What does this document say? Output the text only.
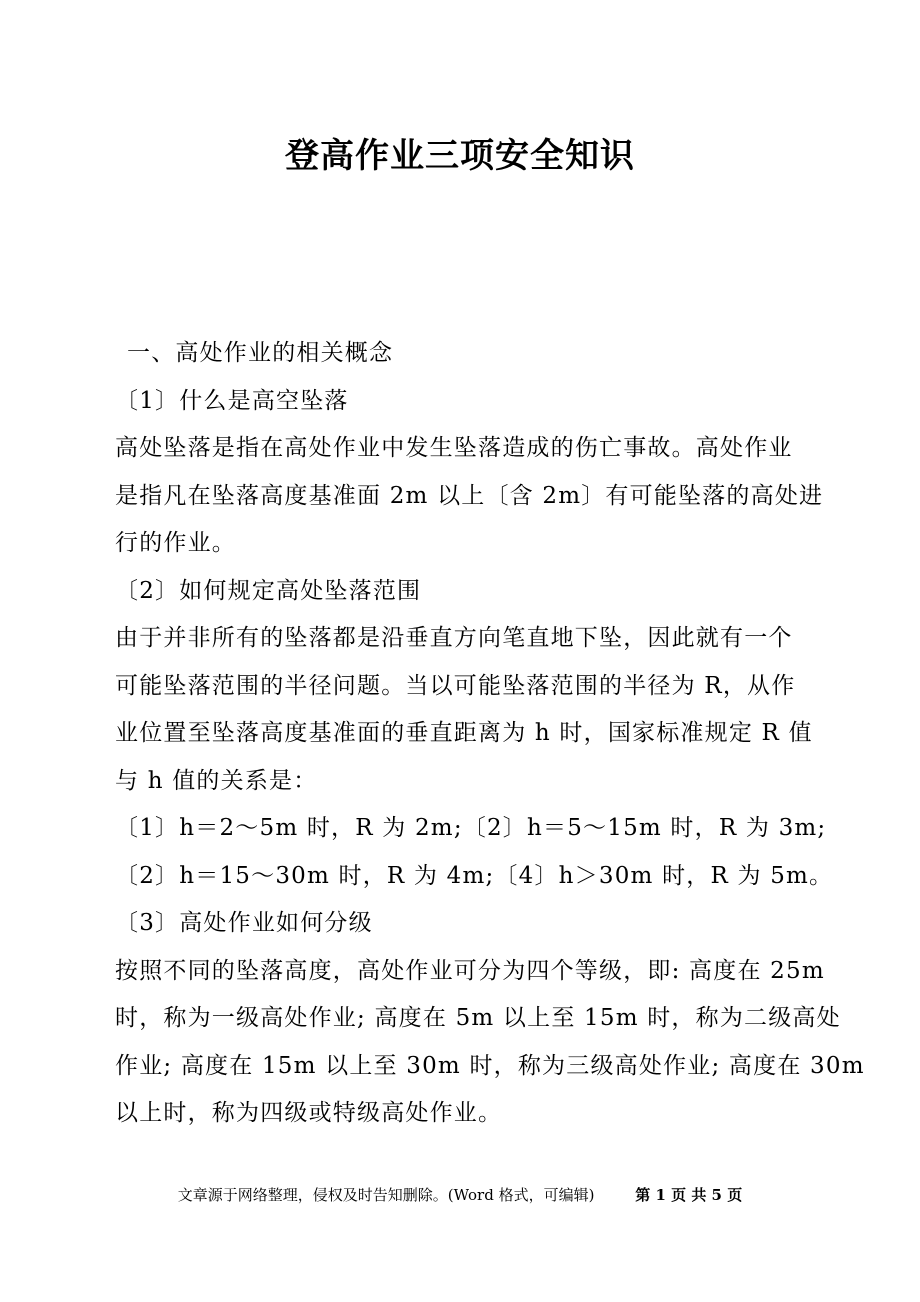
登高作业三项安全知识
一、高处作业的相关概念
〔1〕什么是高空坠落
高处坠落是指在高处作业中发生坠落造成的伤亡事故。高处作业
是指凡在坠落高度基准面 2m 以上〔含 2m〕有可能坠落的高处进
行的作业。
〔2〕如何规定高处坠落范围
由于并非所有的坠落都是沿垂直方向笔直地下坠，因此就有一个
可能坠落范围的半径问题。当以可能坠落范围的半径为 R，从作
业位置至坠落高度基准面的垂直距离为 h 时，国家标准规定 R 值
与 h 值的关系是：
〔1〕h＝2～5m 时，R 为 2m;〔2〕h＝5～15m 时，R 为 3m;
〔2〕h＝15～30m 时，R 为 4m;〔4〕h＞30m 时，R 为 5m。
〔3〕高处作业如何分级
按照不同的坠落高度，高处作业可分为四个等级，即: 高度在 25m
时，称为一级高处作业; 高度在 5m 以上至 15m 时，称为二级高处
作业; 高度在 15m 以上至 30m 时，称为三级高处作业; 高度在 30m
以上时，称为四级或特级高处作业。
文章源于网络整理，侵权及时告知删除。(Word 格式，可编辑)	第 1 页 共 5 页
